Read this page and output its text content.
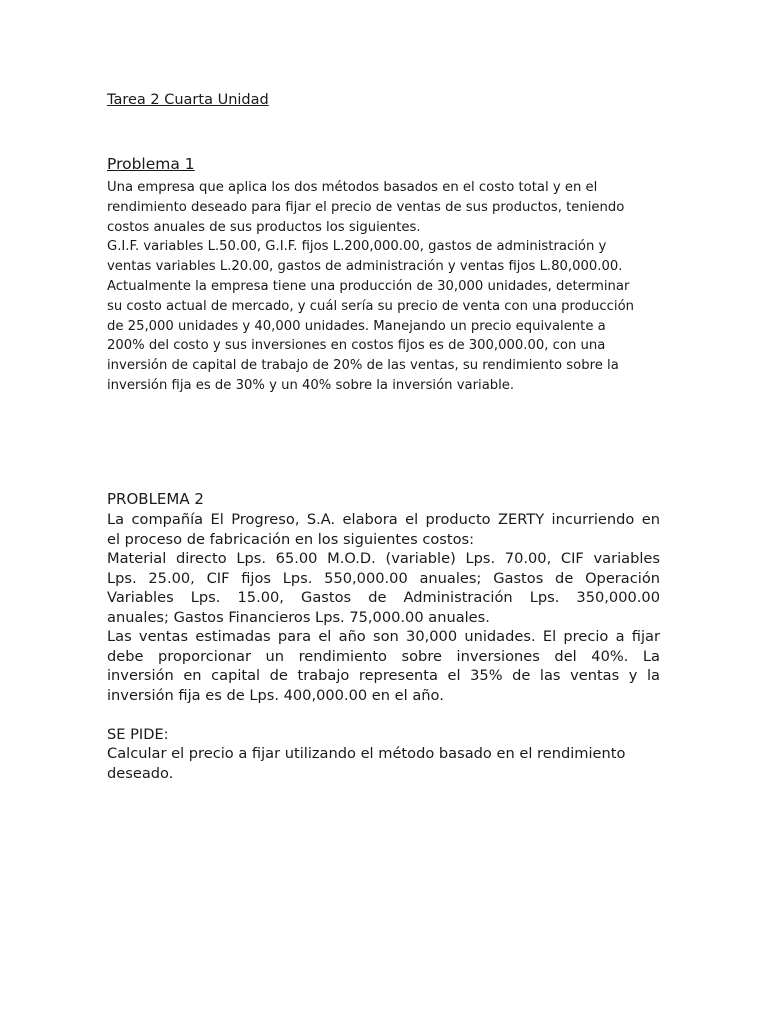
Tarea 2 Cuarta Unidad
Problema 1
Una empresa que aplica los dos métodos basados en el costo total y en el
rendimiento deseado para fijar el precio de ventas de sus productos, teniendo
costos anuales de sus productos los siguientes.
G.I.F. variables L.50.00, G.I.F. fijos L.200,000.00, gastos de administración y
ventas variables L.20.00, gastos de administración y ventas fijos L.80,000.00.
Actualmente la empresa tiene una producción de 30,000 unidades, determinar
su costo actual de mercado, y cuál sería su precio de venta con una producción
de 25,000 unidades y 40,000 unidades. Manejando un precio equivalente a
200% del costo y sus inversiones en costos fijos es de 300,000.00, con una
inversión de capital de trabajo de 20% de las ventas, su rendimiento sobre la
inversión fija es de 30% y un 40% sobre la inversión variable.
PROBLEMA 2
La compañía El Progreso, S.A. elabora el producto ZERTY incurriendo en
el proceso de fabricación en los siguientes costos:
Material directo Lps. 65.00 M.O.D. (variable) Lps. 70.00, CIF variables
Lps. 25.00, CIF fijos Lps. 550,000.00 anuales; Gastos de Operación
Variables Lps. 15.00, Gastos de Administración Lps. 350,000.00
anuales; Gastos Financieros Lps. 75,000.00 anuales.
Las ventas estimadas para el año son 30,000 unidades. El precio a fijar
debe proporcionar un rendimiento sobre inversiones del 40%. La
inversión en capital de trabajo representa el 35% de las ventas y la
inversión fija es de Lps. 400,000.00 en el año.
SE PIDE:
Calcular el precio a fijar utilizando el método basado en el rendimiento
deseado.
